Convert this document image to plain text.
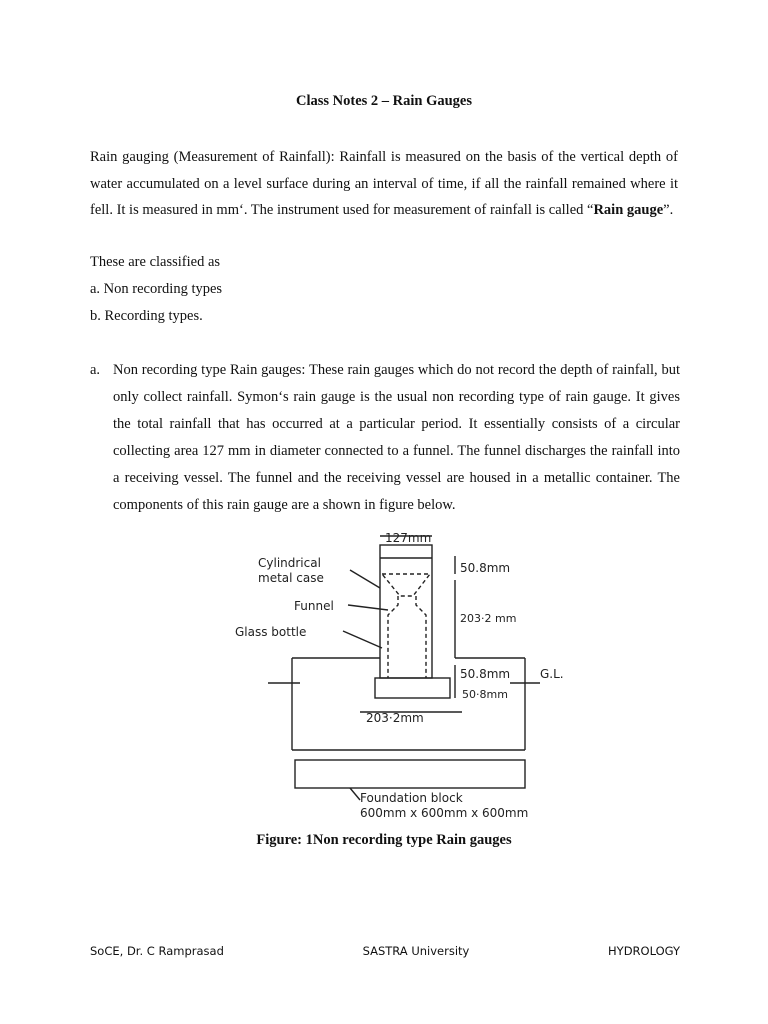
Class Notes 2 – Rain Gauges
Rain gauging (Measurement of Rainfall): Rainfall is measured on the basis of the vertical depth of water accumulated on a level surface during an interval of time, if all the rainfall remained where it fell. It is measured in mm‘. The instrument used for measurement of rainfall is called “Rain gauge”.
These are classified as
a. Non recording types
b. Recording types.
a. Non recording type Rain gauges: These rain gauges which do not record the depth of rainfall, but only collect rainfall. Symon‘s rain gauge is the usual non recording type of rain gauge. It gives the total rainfall that has occurred at a particular period. It essentially consists of a circular collecting area 127 mm in diameter connected to a funnel. The funnel discharges the rainfall into a receiving vessel. The funnel and the receiving vessel are housed in a metallic container. The components of this rain gauge are a shown in figure below.
127mm
Cylindrical
metal case
Funnel
Glass bottle
50.8mm
203·2 mm
50.8mm G.L.
50·8mm
203·2mm
Foundation block
600mm x 600mm x 600mm
Figure: 1Non recording type Rain gauges
SoCE, Dr. C Ramprasad	SASTRA University	HYDROLOGY
